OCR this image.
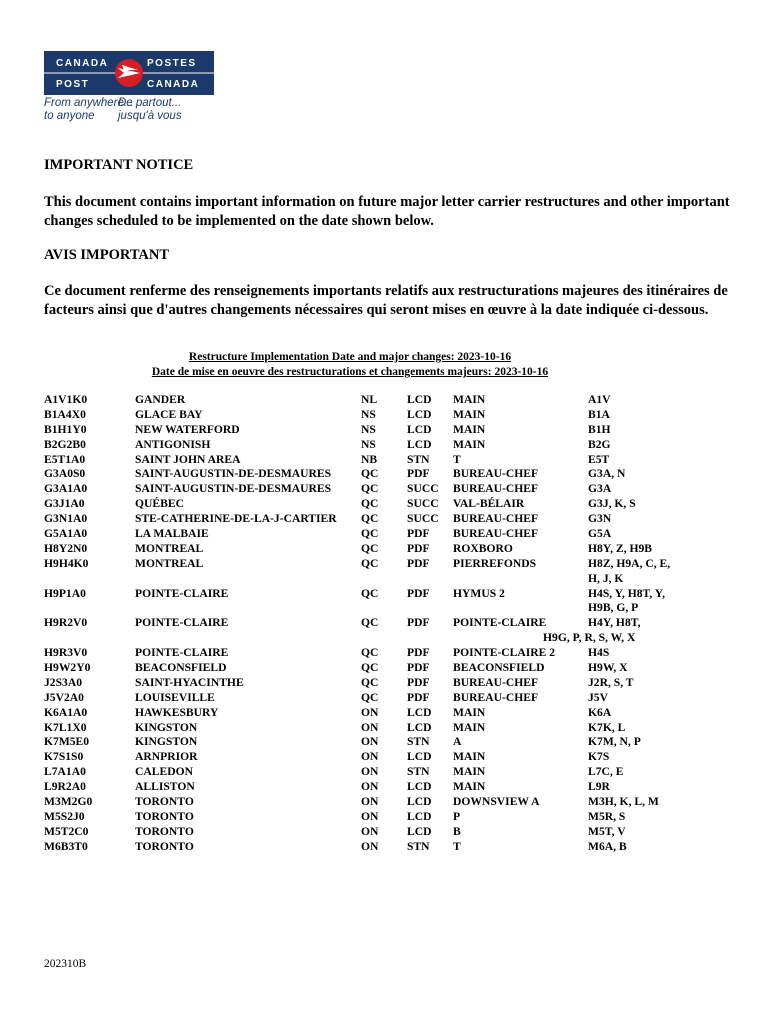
CANADA	POSTES
POST	CANADA
From anywhere...
to anyone
De partout...
jusqu'à vous
IMPORTANT NOTICE
This document contains important information on future major letter carrier restructures and other important changes scheduled to be implemented on the date shown below.
AVIS IMPORTANT
Ce document renferme des renseignements importants relatifs aux restructurations majeures des itinéraires de facteurs ainsi que d'autres changements nécessaires qui seront mises en œuvre à la date indiquée ci-dessous.
Restructure Implementation Date and major changes: 2023-10-16
Date de mise en oeuvre des restructurations et changements majeurs: 2023-10-16
A1V1K0	GANDER	NL	LCD MAIN	A1V
B1A4X0	GLACE BAY	NS	LCD MAIN	B1A
B1H1Y0	NEW WATERFORD	NS	LCD MAIN	B1H
B2G2B0	ANTIGONISH	NS	LCD MAIN	B2G
E5T1A0	SAINT JOHN AREA	NB	STN T	E5T
G3A0S0	SAINT-AUGUSTIN-DE-DESMAURES	QC PDF BUREAU-CHEF	G3A, N
G3A1A0	SAINT-AUGUSTIN-DE-DESMAURES	QC SUCC BUREAU-CHEF	G3A
G3J1A0	QUÉBEC	QC SUCC VAL-BÉLAIR	G3J, K, S
G3N1A0	STE-CATHERINE-DE-LA-J-CARTIER QC SUCC BUREAU-CHEF	G3N
G5A1A0	LA MALBAIE	QC PDF BUREAU-CHEF	G5A
H8Y2N0	MONTREAL	QC PDF ROXBORO	H8Y, Z, H9B
H9H4K0	MONTREAL	QC PDF PIERREFONDS	H8Z, H9A, C, E,
H, J, K
H9P1A0	POINTE-CLAIRE	QC PDF HYMUS 2	H4S, Y, H8T, Y,
H9B, G, P
H9R2V0	POINTE-CLAIRE	QC PDF POINTE-CLAIRE	H4Y, H8T,
H9G, P, R, S, W, X
H9R3V0	POINTE-CLAIRE	QC PDF POINTE-CLAIRE 2	H4S
H9W2Y0	BEACONSFIELD	QC PDF BEACONSFIELD	H9W, X
J2S3A0	SAINT-HYACINTHE	QC PDF BUREAU-CHEF	J2R, S, T
J5V2A0	LOUISEVILLE	QC PDF BUREAU-CHEF	J5V
K6A1A0	HAWKESBURY	ON LCD MAIN	K6A
K7L1X0	KINGSTON	ON LCD MAIN	K7K, L
K7M5E0	KINGSTON	ON STN A	K7M, N, P
K7S1S0	ARNPRIOR	ON LCD MAIN	K7S
L7A1A0	CALEDON	ON STN MAIN	L7C, E
L9R2A0	ALLISTON	ON LCD MAIN	L9R
M3M2G0	TORONTO	ON LCD DOWNSVIEW A	M3H, K, L, M
M5S2J0	TORONTO	ON LCD P	M5R, S
M5T2C0	TORONTO	ON LCD B	M5T, V
M6B3T0	TORONTO	ON STN T	M6A, B
202310B
